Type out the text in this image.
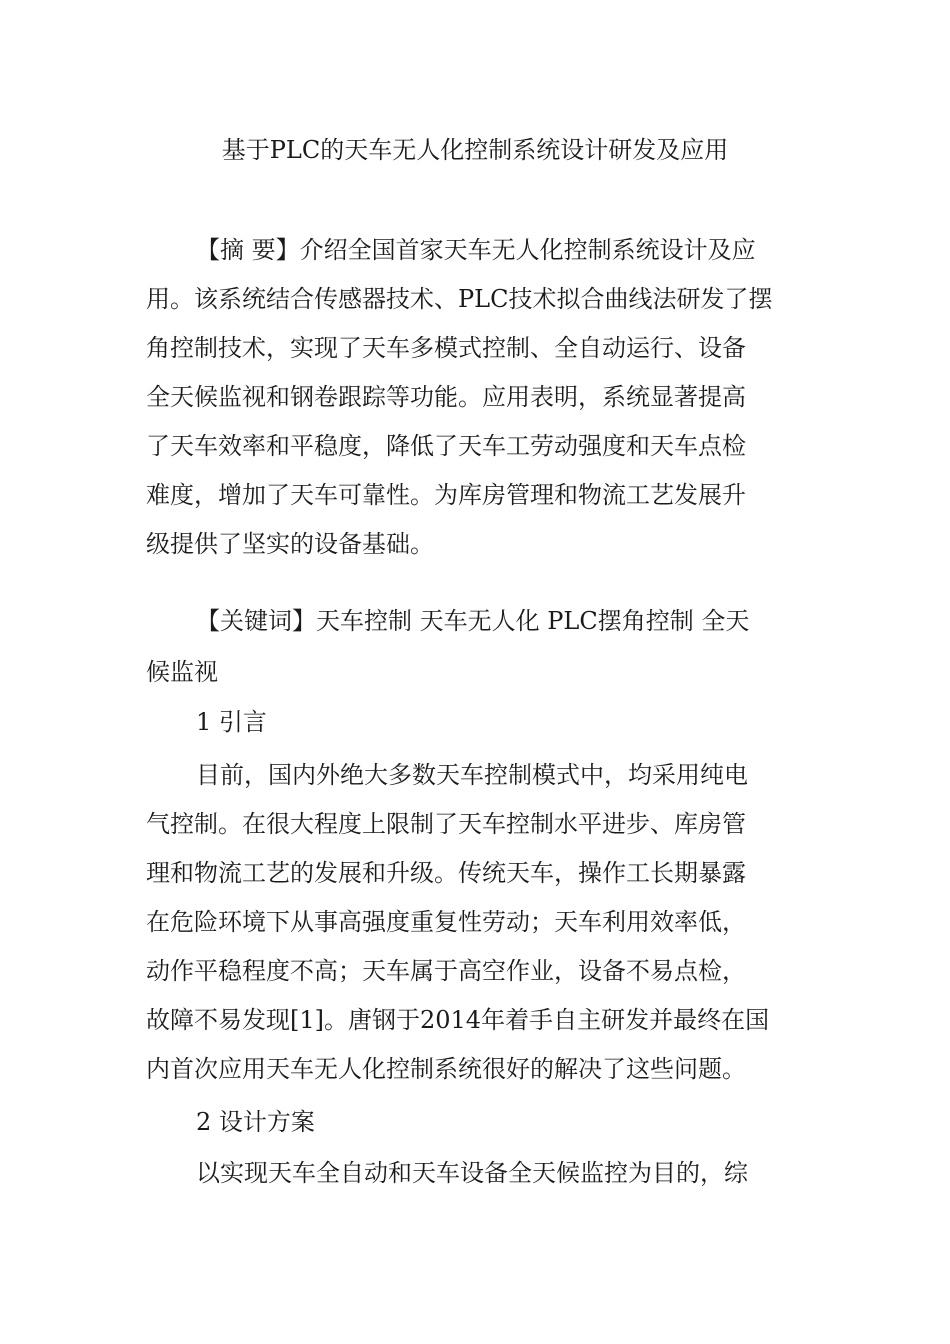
基于PLC的天车无人化控制系统设计研发及应用
【摘 要】介绍全国首家天车无人化控制系统设计及应
用。该系统结合传感器技术、PLC技术拟合曲线法研发了摆
角控制技术，实现了天车多模式控制、全自动运行、设备
全天候监视和钢卷跟踪等功能。应用表明，系统显著提高
了天车效率和平稳度，降低了天车工劳动强度和天车点检
难度，增加了天车可靠性。为库房管理和物流工艺发展升
级提供了坚实的设备基础。
【关键词】天车控制 天车无人化 PLC摆角控制 全天
候监视
1 引言
目前，国内外绝大多数天车控制模式中，均采用纯电
气控制。在很大程度上限制了天车控制水平进步、库房管
理和物流工艺的发展和升级。传统天车，操作工长期暴露
在危险环境下从事高强度重复性劳动；天车利用效率低，
动作平稳程度不高；天车属于高空作业，设备不易点检，
故障不易发现[1]。唐钢于2014年着手自主研发并最终在国
内首次应用天车无人化控制系统很好的解决了这些问题。
2 设计方案
以实现天车全自动和天车设备全天候监控为目的，综
